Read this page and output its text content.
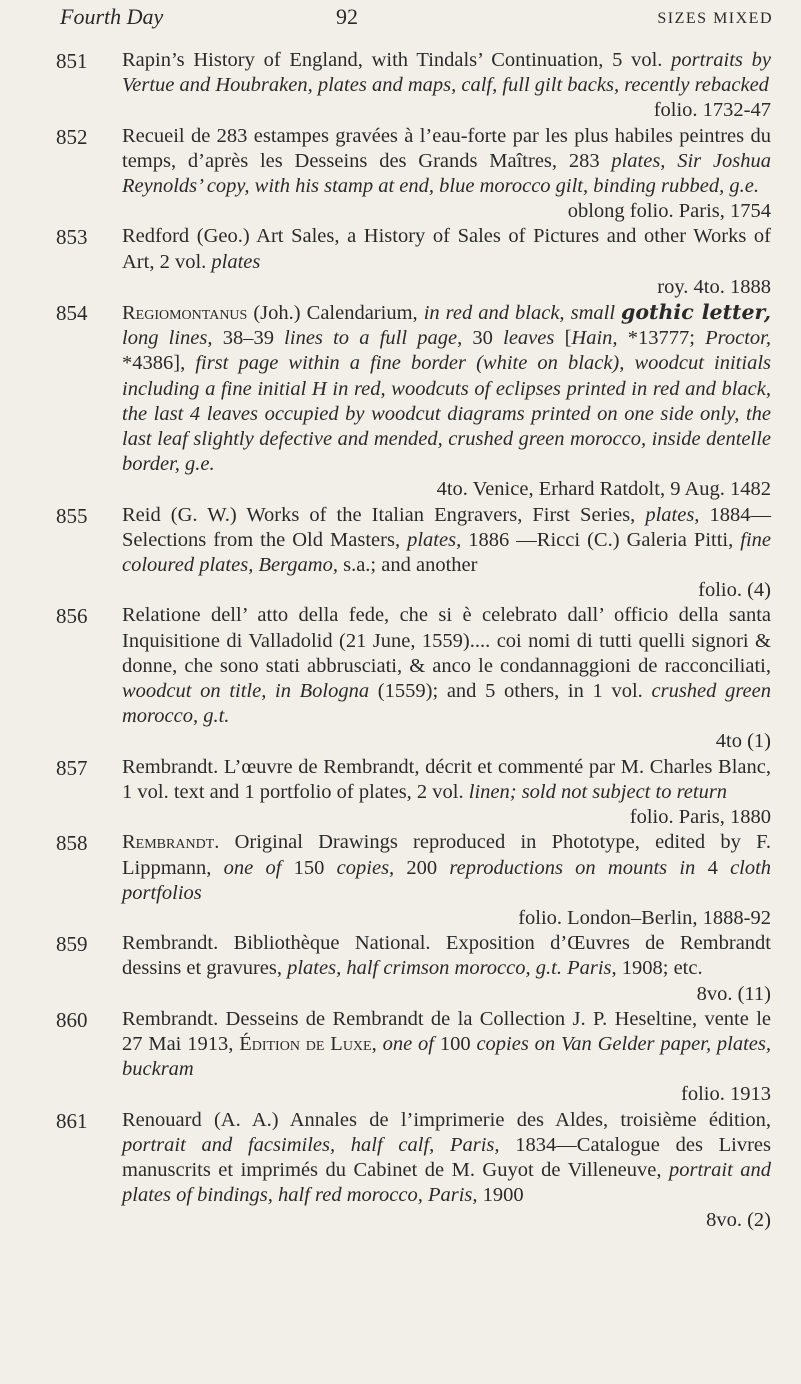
Fourth Day	92	SIZES MIXED
851 Rapin’s History of England, with Tindals’ Continuation, 5 vol. portraits by Vertue and Houbraken, plates and maps, calf, full gilt backs, recently rebacked
folio. 1732-47
852 Recueil de 283 estampes gravées à l’eau-forte par les plus habiles peintres du temps, d’après les Desseins des Grands Maîtres, 283 plates, Sir Joshua Reynolds’ copy, with his stamp at end, blue morocco gilt, binding rubbed, g.e.
oblong folio. Paris, 1754
853 Redford (Geo.) Art Sales, a History of Sales of Pictures and other Works of Art, 2 vol. plates
roy. 4to. 1888
854 Regiomontanus (Joh.) Calendarium, in red and black, small gothic letter, long lines, 38–39 lines to a full page, 30 leaves [Hain, *13777; Proctor, *4386], first page within a fine border (white on black), woodcut initials including a fine initial H in red, woodcuts of eclipses printed in red and black, the last 4 leaves occupied by woodcut diagrams printed on one side only, the last leaf slightly defective and mended, crushed green morocco, inside dentelle border, g.e.
4to. Venice, Erhard Ratdolt, 9 Aug. 1482
855 Reid (G. W.) Works of the Italian Engravers, First Series, plates, 1884—Selections from the Old Masters, plates, 1886 —Ricci (C.) Galeria Pitti, fine coloured plates, Bergamo, s.a.; and another
folio. (4)
856 Relatione dell’ atto della fede, che si è celebrato dall’ officio della santa Inquisitione di Valladolid (21 June, 1559).... coi nomi di tutti quelli signori & donne, che sono stati abbrusciati, & anco le condannaggioni de racconciliati, woodcut on title, in Bologna (1559); and 5 others, in 1 vol. crushed green morocco, g.t.
4to (1)
857 Rembrandt. L’œuvre de Rembrandt, décrit et commenté par M. Charles Blanc, 1 vol. text and 1 portfolio of plates, 2 vol. linen; sold not subject to return
folio. Paris, 1880
858 Rembrandt. Original Drawings reproduced in Phototype, edited by F. Lippmann, one of 150 copies, 200 reproductions on mounts in 4 cloth portfolios
folio. London–Berlin, 1888-92
859 Rembrandt. Bibliothèque National. Exposition d’Œuvres de Rembrandt dessins et gravures, plates, half crimson morocco, g.t. Paris, 1908; etc.
8vo. (11)
860 Rembrandt. Desseins de Rembrandt de la Collection J. P. Heseltine, vente le 27 Mai 1913, Édition de Luxe, one of 100 copies on Van Gelder paper, plates, buckram
folio. 1913
861 Renouard (A. A.) Annales de l’imprimerie des Aldes, troisième édition, portrait and facsimiles, half calf, Paris, 1834—Catalogue des Livres manuscrits et imprimés du Cabinet de M. Guyot de Villeneuve, portrait and plates of bindings, half red morocco, Paris, 1900
8vo. (2)
